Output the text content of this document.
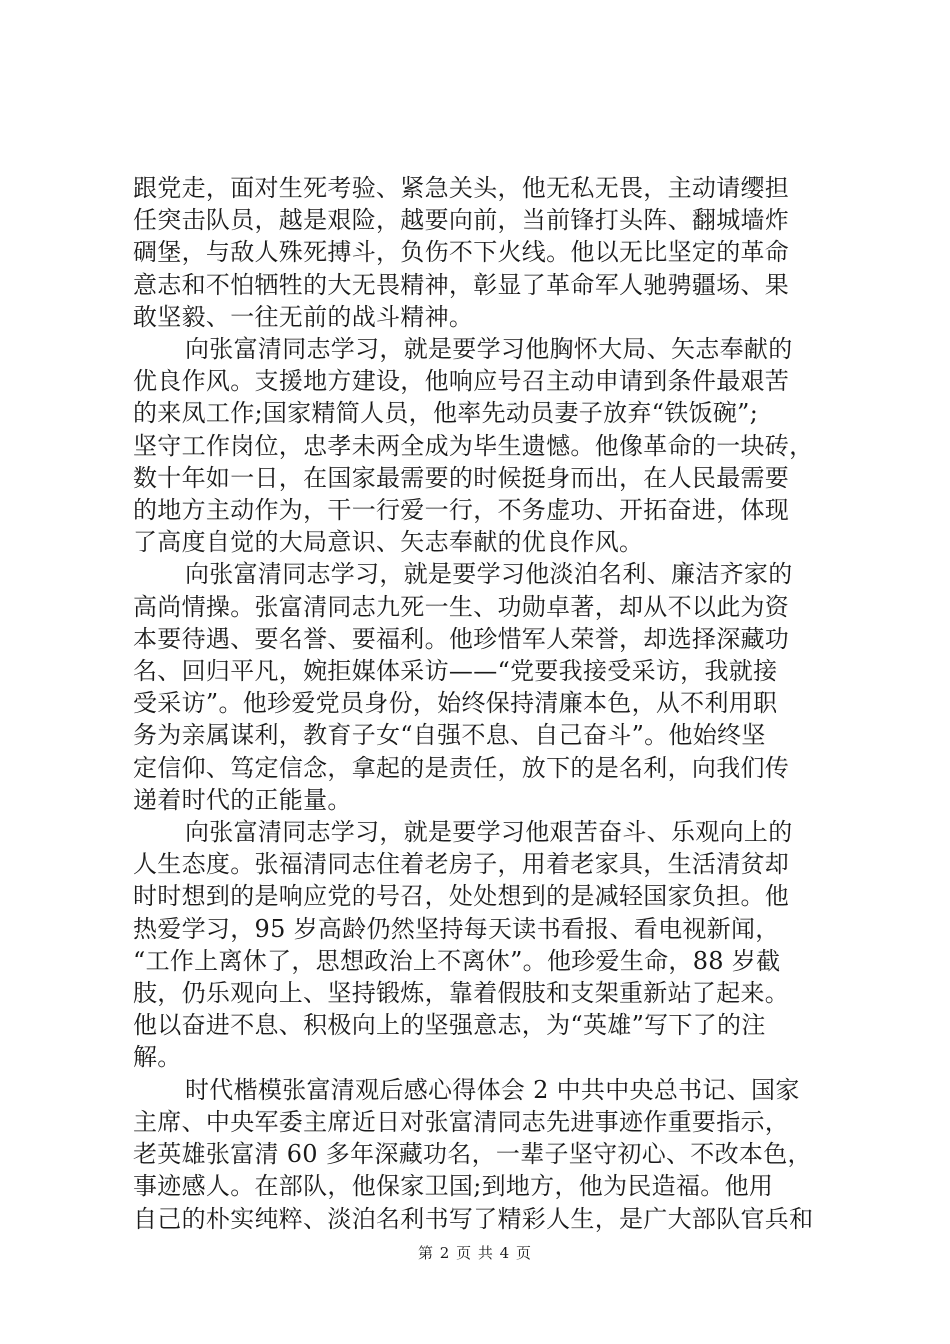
跟党走，面对生死考验、紧急关头，他无私无畏，主动请缨担
任突击队员，越是艰险，越要向前，当前锋打头阵、翻城墙炸
碉堡，与敌人殊死搏斗，负伤不下火线。他以无比坚定的革命
意志和不怕牺牲的大无畏精神，彰显了革命军人驰骋疆场、果
敢坚毅、一往无前的战斗精神。
向张富清同志学习，就是要学习他胸怀大局、矢志奉献的
优良作风。支援地方建设，他响应号召主动申请到条件最艰苦
的来凤工作;国家精简人员，他率先动员妻子放弃“铁饭碗”;
坚守工作岗位，忠孝未两全成为毕生遗憾。他像革命的一块砖，
数十年如一日，在国家最需要的时候挺身而出，在人民最需要
的地方主动作为，干一行爱一行，不务虚功、开拓奋进，体现
了高度自觉的大局意识、矢志奉献的优良作风。
向张富清同志学习，就是要学习他淡泊名利、廉洁齐家的
高尚情操。张富清同志九死一生、功勋卓著，却从不以此为资
本要待遇、要名誉、要福利。他珍惜军人荣誉，却选择深藏功
名、回归平凡，婉拒媒体采访——“党要我接受采访，我就接
受采访”。他珍爱党员身份，始终保持清廉本色，从不利用职
务为亲属谋利，教育子女“自强不息、自己奋斗”。他始终坚
定信仰、笃定信念，拿起的是责任，放下的是名利，向我们传
递着时代的正能量。
向张富清同志学习，就是要学习他艰苦奋斗、乐观向上的
人生态度。张福清同志住着老房子，用着老家具，生活清贫却
时时想到的是响应党的号召，处处想到的是减轻国家负担。他
热爱学习，95 岁高龄仍然坚持每天读书看报、看电视新闻，
“工作上离休了，思想政治上不离休”。他珍爱生命，88 岁截
肢，仍乐观向上、坚持锻炼，靠着假肢和支架重新站了起来。
他以奋进不息、积极向上的坚强意志，为“英雄”写下了的注
解。
时代楷模张富清观后感心得体会 2 中共中央总书记、国家
主席、中央军委主席近日对张富清同志先进事迹作重要指示，
老英雄张富清 60 多年深藏功名，一辈子坚守初心、不改本色，
事迹感人。在部队，他保家卫国;到地方，他为民造福。他用
自己的朴实纯粹、淡泊名利书写了精彩人生，是广大部队官兵和
第 2 页 共 4 页
